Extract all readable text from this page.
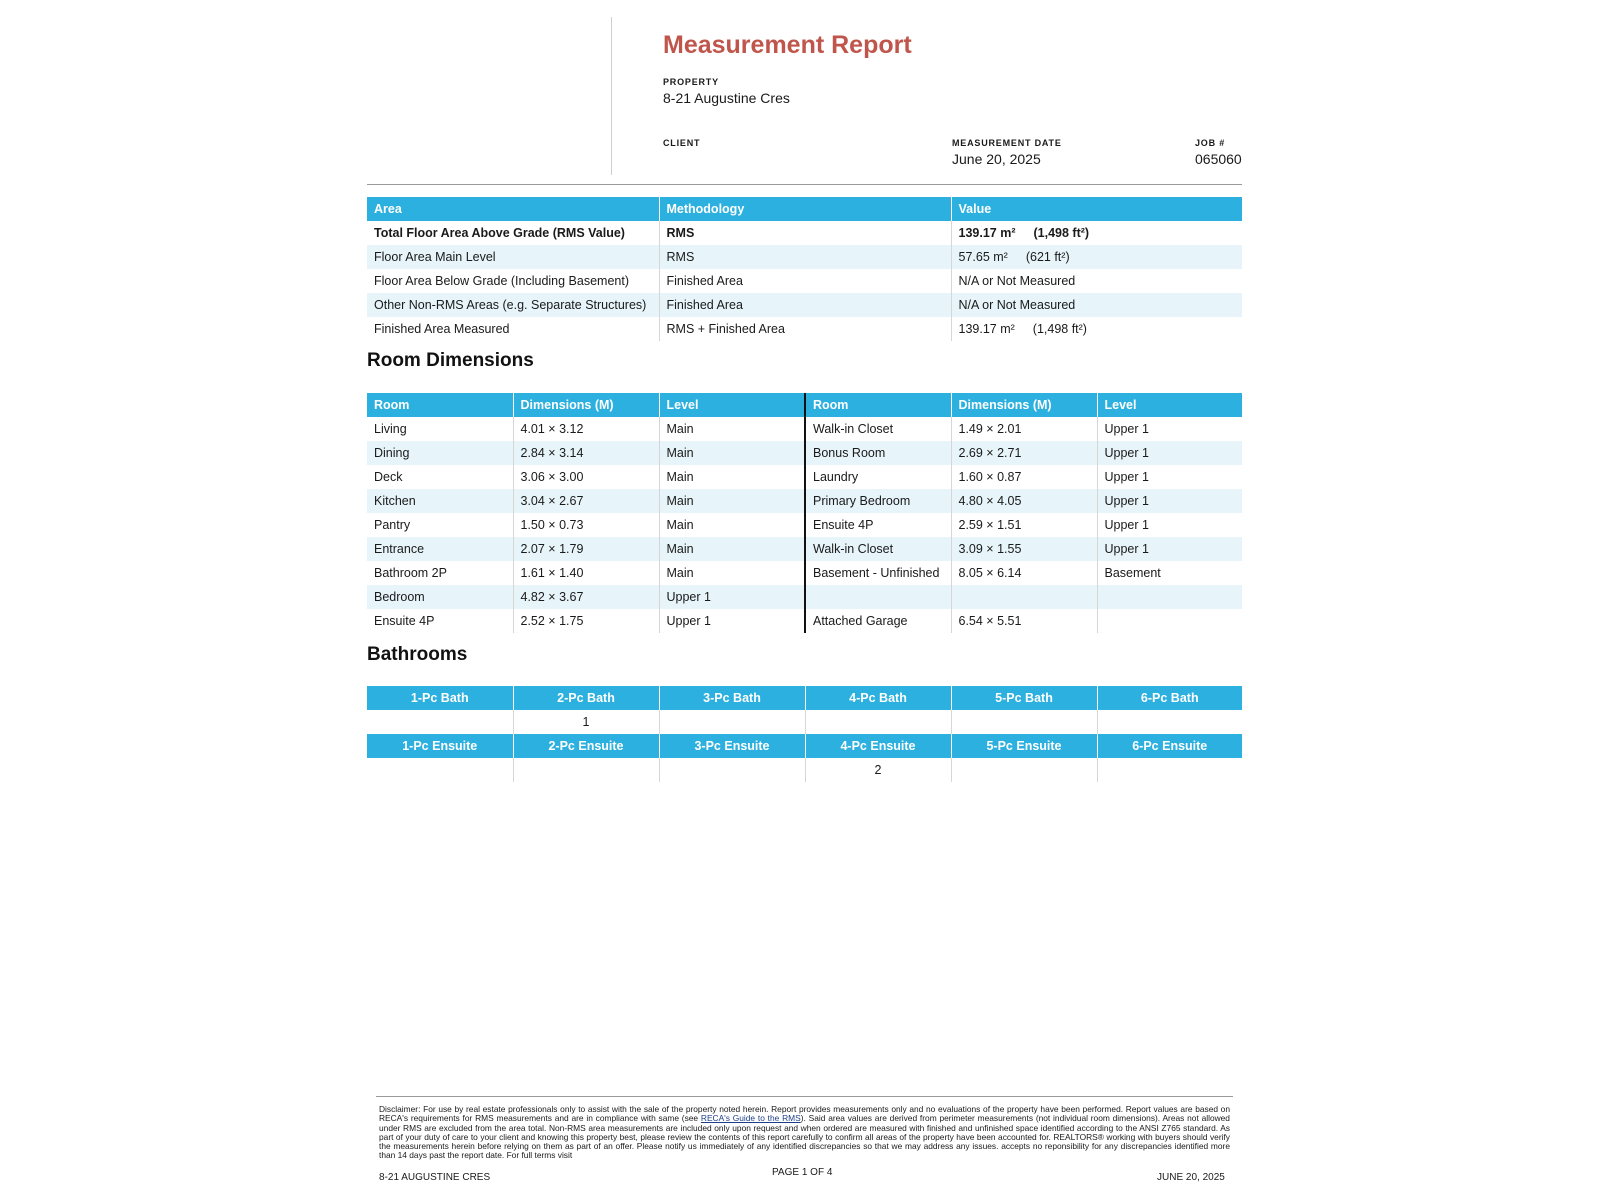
Measurement Report
PROPERTY
8-21 Augustine Cres
CLIENT	MEASUREMENT DATE
June 20, 2025
JOB #
065060
Area	Methodology	Value
Total Floor Area Above Grade (RMS Value)	RMS	139.17 m² (1,498 ft²)
Floor Area Main Level	RMS	57.65 m² (621 ft²)
Floor Area Below Grade (Including Basement)	Finished Area	N/A or Not Measured
Other Non-RMS Areas (e.g. Separate Structures)	Finished Area	N/A or Not Measured
Finished Area Measured	RMS + Finished Area	139.17 m² (1,498 ft²)
Room Dimensions
Room	Dimensions (M)	Level	Room	Dimensions (M)	Level
Living	4.01 × 3.12	Main	Walk-in Closet	1.49 × 2.01	Upper 1
Dining	2.84 × 3.14	Main	Bonus Room	2.69 × 2.71	Upper 1
Deck	3.06 × 3.00	Main	Laundry	1.60 × 0.87	Upper 1
Kitchen	3.04 × 2.67	Main	Primary Bedroom	4.80 × 4.05	Upper 1
Pantry	1.50 × 0.73	Main	Ensuite 4P	2.59 × 1.51	Upper 1
Entrance	2.07 × 1.79	Main	Walk-in Closet	3.09 × 1.55	Upper 1
Bathroom 2P	1.61 × 1.40	Main	Basement - Unfinished	8.05 × 6.14	Basement
Bedroom	4.82 × 3.67	Upper 1			
Ensuite 4P	2.52 × 1.75	Upper 1	Attached Garage	6.54 × 5.51	
Bathrooms
1-Pc Bath	2-Pc Bath	3-Pc Bath	4-Pc Bath	5-Pc Bath	6-Pc Bath
	1				
1-Pc Ensuite	2-Pc Ensuite	3-Pc Ensuite	4-Pc Ensuite	5-Pc Ensuite	6-Pc Ensuite
			2		
Disclaimer: For use by real estate professionals only to assist with the sale of the property noted herein. Report provides measurements only and no evaluations of the property have been performed. Report values are based on RECA's requirements for RMS measurements and are in compliance with same (see RECA's Guide to the RMS). Said area values are derived from perimeter measurements (not individual room dimensions). Areas not allowed under RMS are excluded from the area total. Non-RMS area measurements are included only upon request and when ordered are measured with finished and unfinished space identified according to the ANSI Z765 standard. As part of your duty of care to your client and knowing this property best, please review the contents of this report carefully to confirm all areas of the property have been accounted for. REALTORS® working with buyers should verify the measurements herein before relying on them as part of an offer. Please notify us immediately of any identified discrepancies so that we may address any issues. accepts no reponsibility for any discrepancies identified more than 14 days past the report date. For full terms visit
8-21 AUGUSTINE CRES	PAGE 1 OF 4	JUNE 20, 2025
